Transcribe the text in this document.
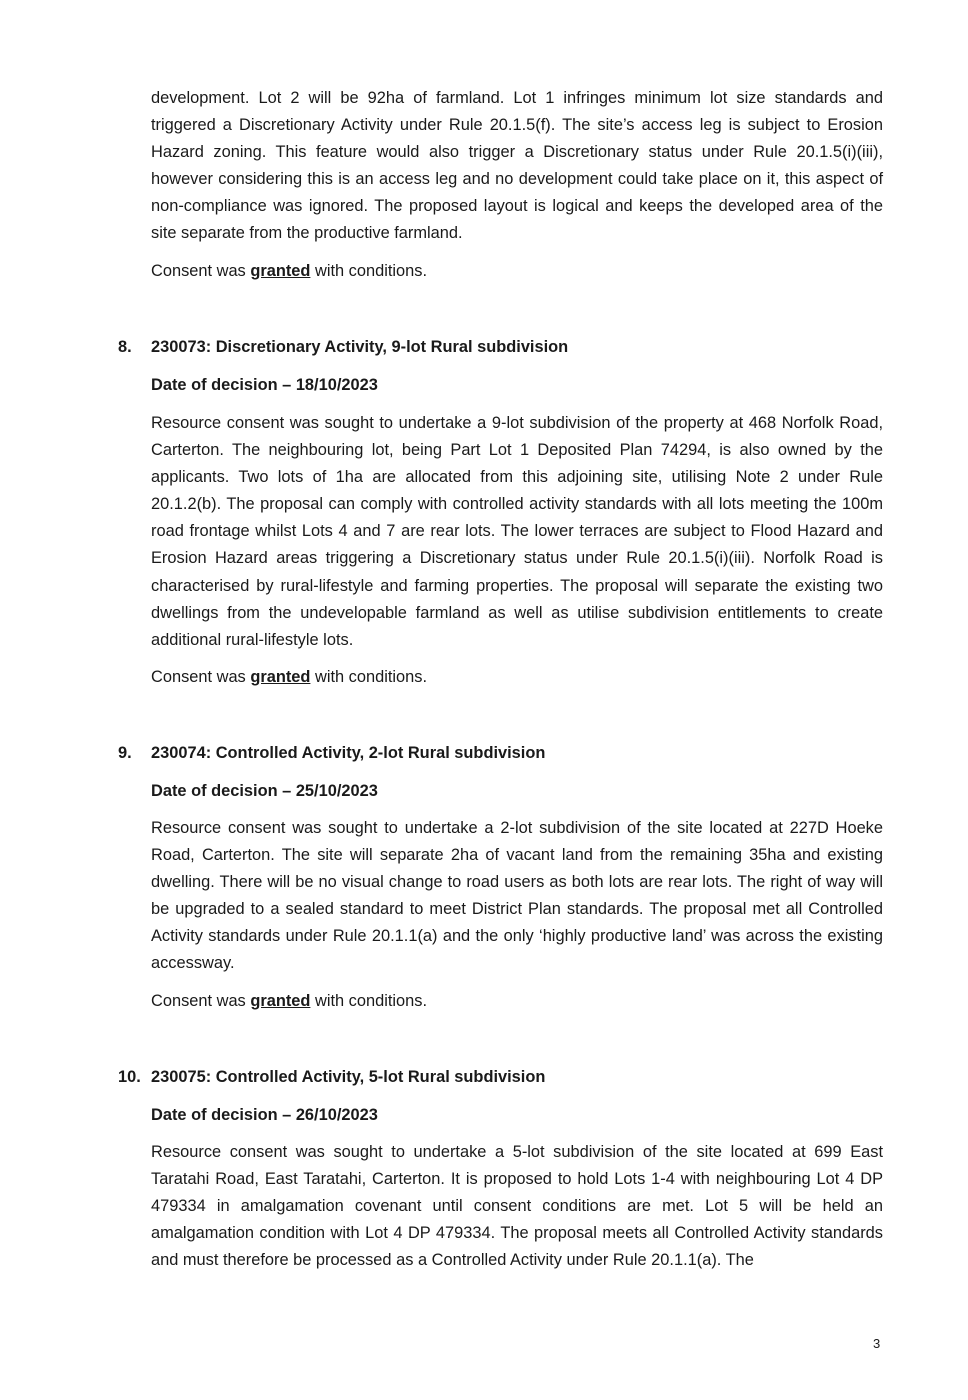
development. Lot 2 will be 92ha of farmland. Lot 1 infringes minimum lot size standards and triggered a Discretionary Activity under Rule 20.1.5(f). The site’s access leg is subject to Erosion Hazard zoning. This feature would also trigger a Discretionary status under Rule 20.1.5(i)(iii), however considering this is an access leg and no development could take place on it, this aspect of non-compliance was ignored. The proposed layout is logical and keeps the developed area of the site separate from the productive farmland.

Consent was granted with conditions.

8. 230073: Discretionary Activity, 9-lot Rural subdivision
Date of decision – 18/10/2023

Resource consent was sought to undertake a 9-lot subdivision of the property at 468 Norfolk Road, Carterton. The neighbouring lot, being Part Lot 1 Deposited Plan 74294, is also owned by the applicants. Two lots of 1ha are allocated from this adjoining site, utilising Note 2 under Rule 20.1.2(b). The proposal can comply with controlled activity standards with all lots meeting the 100m road frontage whilst Lots 4 and 7 are rear lots. The lower terraces are subject to Flood Hazard and Erosion Hazard areas triggering a Discretionary status under Rule 20.1.5(i)(iii). Norfolk Road is characterised by rural-lifestyle and farming properties. The proposal will separate the existing two dwellings from the undevelopable farmland as well as utilise subdivision entitlements to create additional rural-lifestyle lots.

Consent was granted with conditions.

9. 230074: Controlled Activity, 2-lot Rural subdivision
Date of decision – 25/10/2023

Resource consent was sought to undertake a 2-lot subdivision of the site located at 227D Hoeke Road, Carterton. The site will separate 2ha of vacant land from the remaining 35ha and existing dwelling. There will be no visual change to road users as both lots are rear lots. The right of way will be upgraded to a sealed standard to meet District Plan standards. The proposal met all Controlled Activity standards under Rule 20.1.1(a) and the only ‘highly productive land’ was across the existing accessway.

Consent was granted with conditions.

10. 230075: Controlled Activity, 5-lot Rural subdivision
Date of decision – 26/10/2023

Resource consent was sought to undertake a 5-lot subdivision of the site located at 699 East Taratahi Road, East Taratahi, Carterton. It is proposed to hold Lots 1-4 with neighbouring Lot 4 DP 479334 in amalgamation covenant until consent conditions are met. Lot 5 will be held an amalgamation condition with Lot 4 DP 479334. The proposal meets all Controlled Activity standards and must therefore be processed as a Controlled Activity under Rule 20.1.1(a). The

3
